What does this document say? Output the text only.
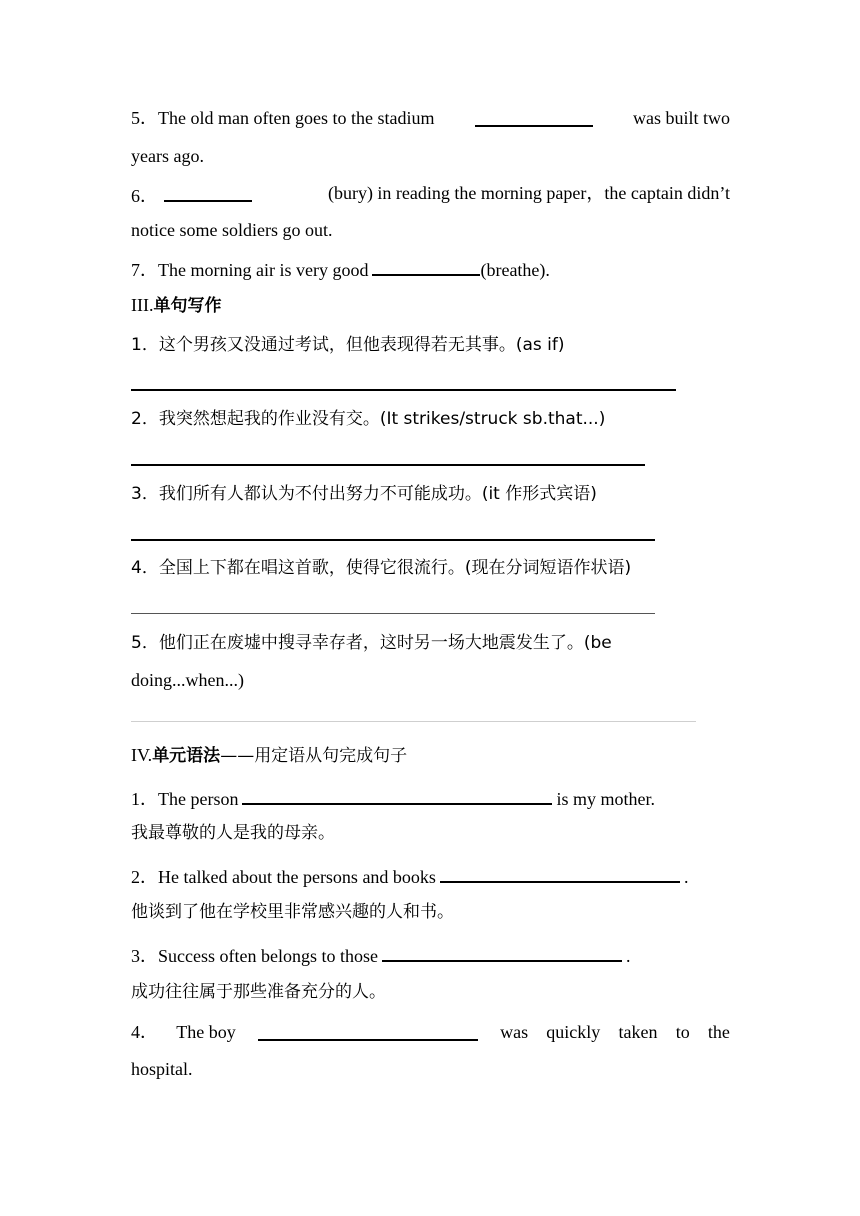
5．The old man often goes to the stadium	was built two
years ago.
6．	(bury) in reading the morning paper，the captain didn’t
notice some soldiers go out.
7．The morning air is very good	(breathe).
III.单句写作
1．这个男孩又没通过考试，但他表现得若无其事。(as if)
2．我突然想起我的作业没有交。(It strikes/struck sb.that...)
3．我们所有人都认为不付出努力不可能成功。(it 作形式宾语)
4．全国上下都在唱这首歌，使得它很流行。(现在分词短语作状语)
5．他们正在废墟中搜寻幸存者，这时另一场大地震发生了。(be
doing...when...)
IV.单元语法——用定语从句完成句子
1．The person	is my mother.
我最尊敬的人是我的母亲。
2．He talked about the persons and books	.
他谈到了他在学校里非常感兴趣的人和书。
3．Success often belongs to those	.
成功往往属于那些准备充分的人。
4． The boy	was quickly taken to the
hospital.
